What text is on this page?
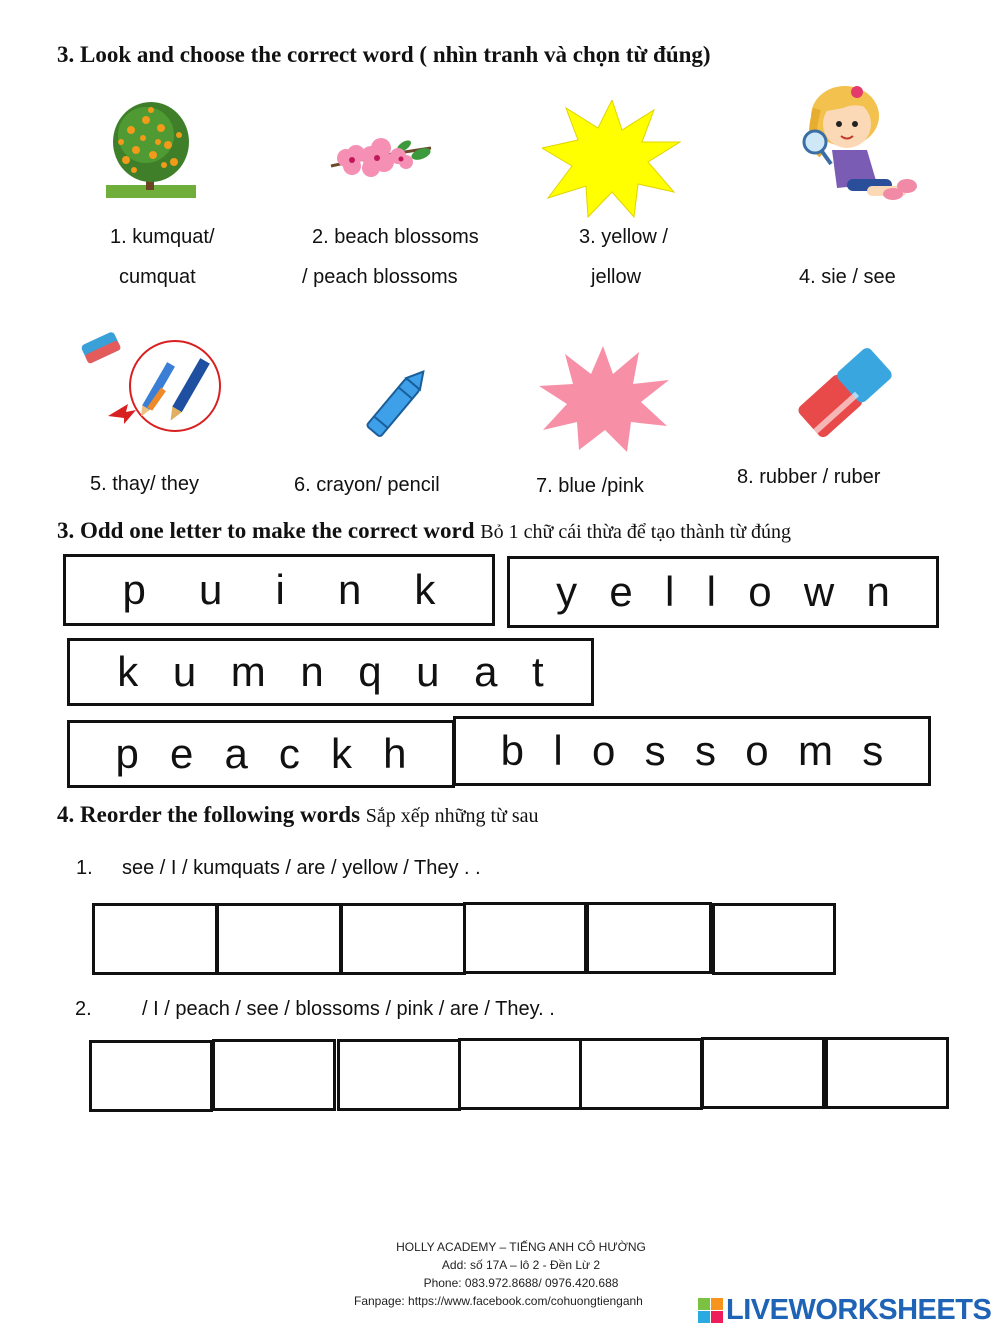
3. Look and choose the correct word ( nhìn tranh và chọn từ đúng)
1. kumquat/
cumquat
2. beach blossoms
/ peach blossoms
3. yellow /
jellow	4. sie / see
5. thay/ they	6. crayon/ pencil	7. blue /pink	8. rubber / ruber
3. Odd one letter to make the correct word Bỏ 1 chữ cái thừa để tạo thành từ đúng
p u i n k	y e l l o w n
k u m n q u a t
p e a c k h b l o s s o m s
4. Reorder the following words Sắp xếp những từ sau
1. see / I / kumquats / are / yellow / They . .
2.	/ I / peach / see / blossoms / pink / are / They. .
HOLLY ACADEMY – TIẾNG ANH CÔ HƯỜNG
Add: số 17A – lô 2 - Đền Lừ 2
Phone: 083.972.8688/ 0976.420.688
Fanpage: https://www.facebook.com/cohuongtienganh	LIVEWORKSHEETS
